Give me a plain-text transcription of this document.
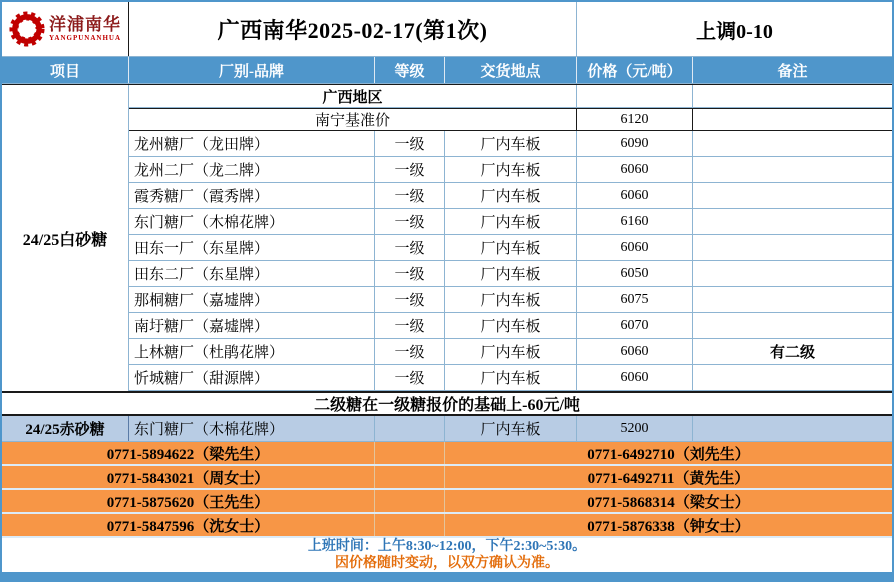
洋浦南华
YANGPUNANHUA	广西南华2025-02-17(第1次)	上调0-10
项目	厂别-品牌	等级	交货地点	价格（元/吨）	备注
24/25白砂糖
广西地区
南宁基准价	6120
龙州糖厂（龙田牌）	一级	厂内车板	6090
龙州二厂（龙二牌）	一级	厂内车板	6060
霞秀糖厂（霞秀牌）	一级	厂内车板	6060
东门糖厂（木棉花牌）	一级	厂内车板	6160
田东一厂（东星牌）	一级	厂内车板	6060
田东二厂（东星牌）	一级	厂内车板	6050
那桐糖厂（嘉墟牌）	一级	厂内车板	6075
南圩糖厂（嘉墟牌）	一级	厂内车板	6070
上林糖厂（杜鹃花牌）	一级	厂内车板	6060	有二级
忻城糖厂（甜源牌）	一级	厂内车板	6060
二级糖在一级糖报价的基础上-60元/吨
24/25赤砂糖	东门糖厂（木棉花牌）	厂内车板	5200
0771-5894622（梁先生）	0771-6492710（刘先生）
0771-5843021（周女士）	0771-6492711（黄先生）
0771-5875620（王先生）	0771-5868314（梁女士）
0771-5847596（沈女士）	0771-5876338（钟女士）
上班时间：上午8:30~12:00，下午2:30~5:30。
因价格随时变动，以双方确认为准。
